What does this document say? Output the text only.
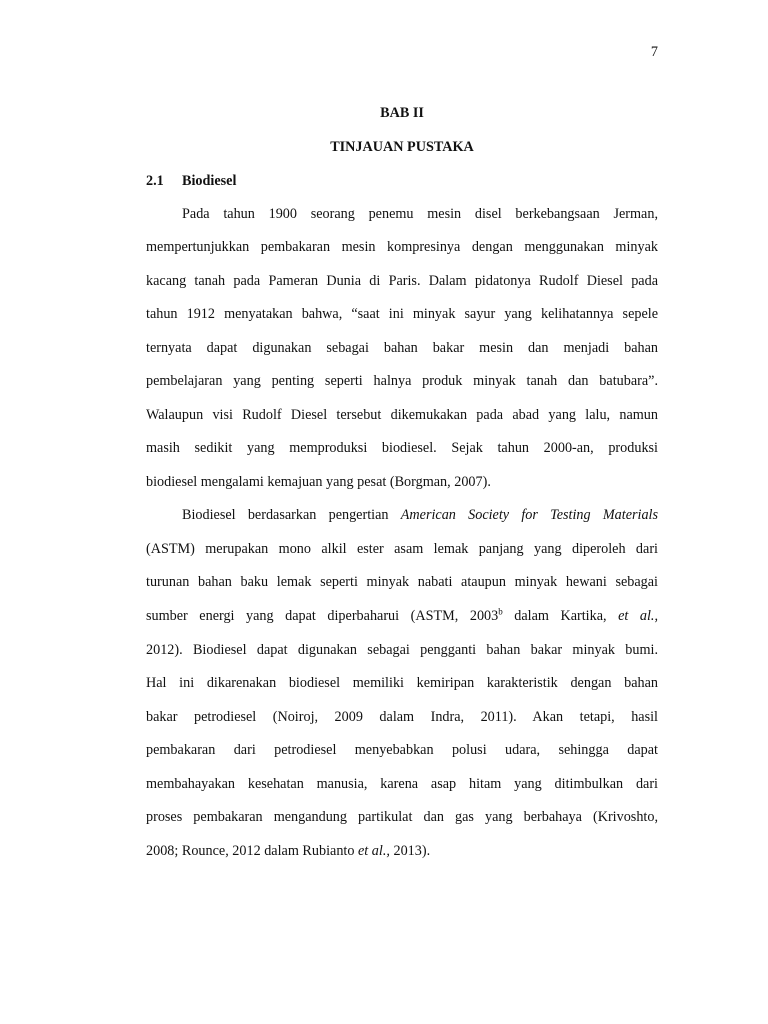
7
BAB II
TINJAUAN PUSTAKA
2.1 Biodiesel
Pada tahun 1900 seorang penemu mesin disel berkebangsaan Jerman,
mempertunjukkan pembakaran mesin kompresinya dengan menggunakan minyak
kacang tanah pada Pameran Dunia di Paris. Dalam pidatonya Rudolf Diesel pada
tahun 1912 menyatakan bahwa, “saat ini minyak sayur yang kelihatannya sepele
ternyata dapat digunakan sebagai bahan bakar mesin dan menjadi bahan
pembelajaran yang penting seperti halnya produk minyak tanah dan batubara”.
Walaupun visi Rudolf Diesel tersebut dikemukakan pada abad yang lalu, namun
masih sedikit yang memproduksi biodiesel. Sejak tahun 2000-an, produksi
biodiesel mengalami kemajuan yang pesat (Borgman, 2007).
Biodiesel berdasarkan pengertian American Society for Testing Materials
(ASTM) merupakan mono alkil ester asam lemak panjang yang diperoleh dari
turunan bahan baku lemak seperti minyak nabati ataupun minyak hewani sebagai
sumber energi yang dapat diperbaharui (ASTM, 2003$^b$ dalam Kartika, et al.,
2012). Biodiesel dapat digunakan sebagai pengganti bahan bakar minyak bumi.
Hal ini dikarenakan biodiesel memiliki kemiripan karakteristik dengan bahan
bakar petrodiesel (Noiroj, 2009 dalam Indra, 2011). Akan tetapi, hasil
pembakaran dari petrodiesel menyebabkan polusi udara, sehingga dapat
membahayakan kesehatan manusia, karena asap hitam yang ditimbulkan dari
proses pembakaran mengandung partikulat dan gas yang berbahaya (Krivoshto,
2008; Rounce, 2012 dalam Rubianto et al., 2013).
